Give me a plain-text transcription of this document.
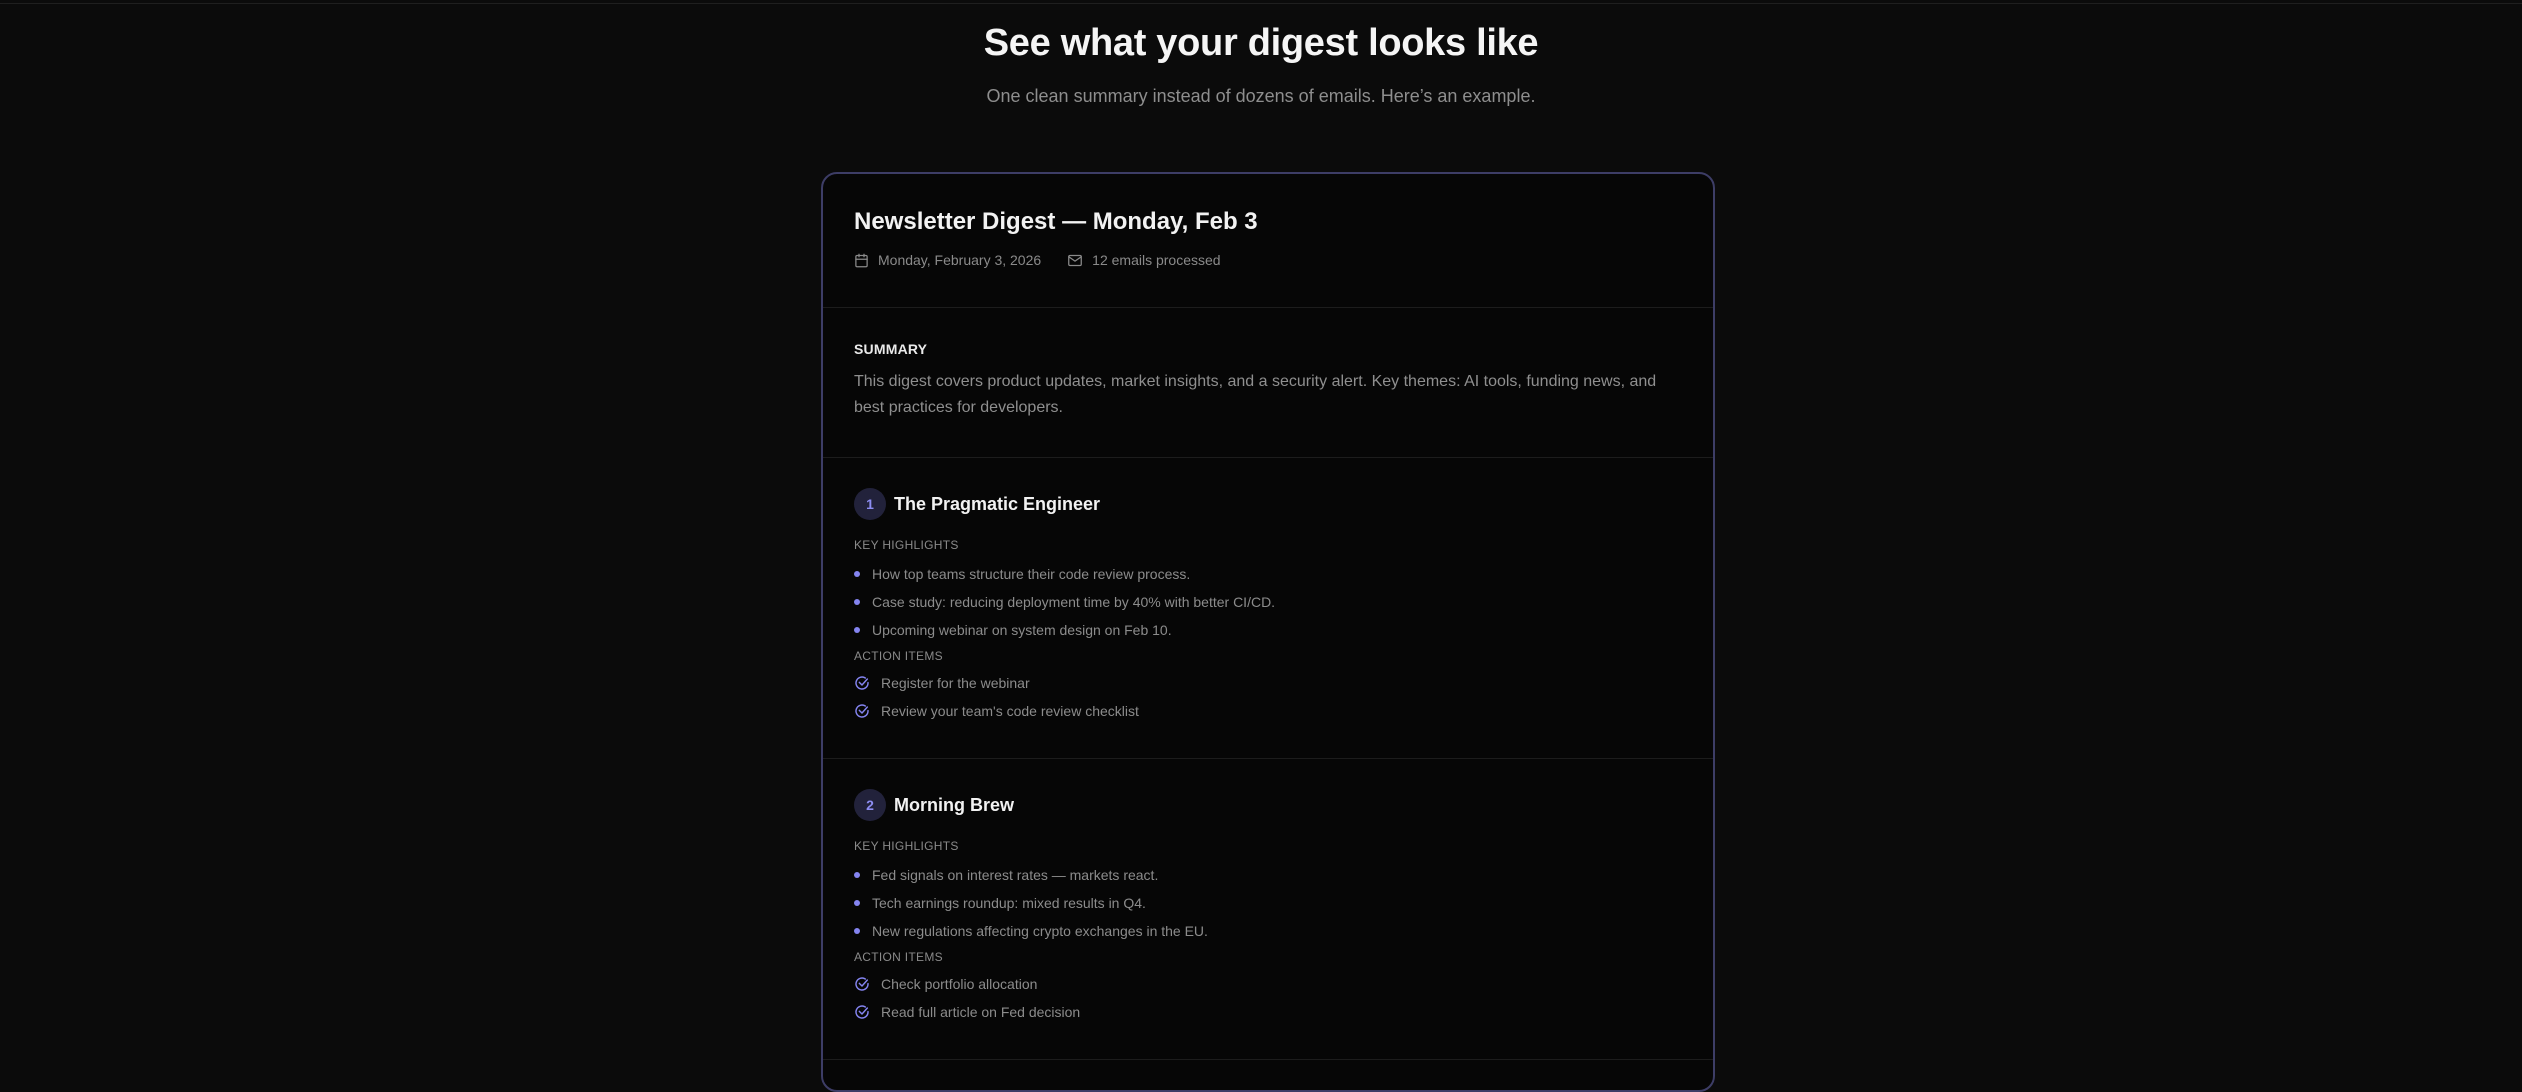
See what your digest looks like

One clean summary instead of dozens of emails. Here’s an example.

Newsletter Digest — Monday, Feb 3
Monday, February 3, 2026	12 emails processed
SUMMARY

This digest covers product updates, market insights, and a security alert. Key themes: AI tools, funding news, and best practices for developers.

1	The Pragmatic Engineer
KEY HIGHLIGHTS
How top teams structure their code review process.
Case study: reducing deployment time by 40% with better CI/CD.
Upcoming webinar on system design on Feb 10.
ACTION ITEMS
Register for the webinar
Review your team's code review checklist
2	Morning Brew
KEY HIGHLIGHTS
Fed signals on interest rates — markets react.
Tech earnings roundup: mixed results in Q4.
New regulations affecting crypto exchanges in the EU.
ACTION ITEMS
Check portfolio allocation
Read full article on Fed decision
